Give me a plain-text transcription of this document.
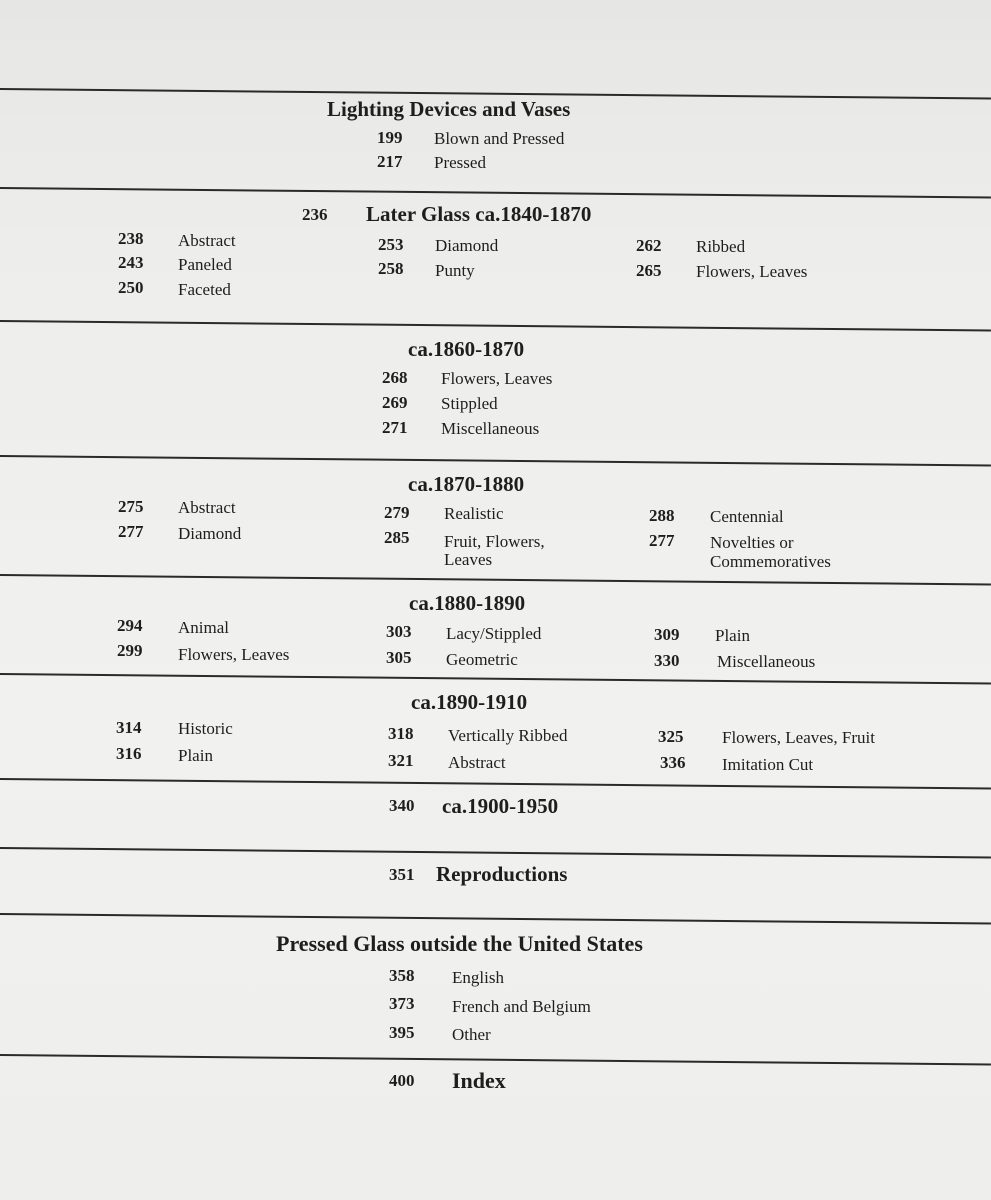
Lighting Devices and Vases
199 Blown and Pressed
217 Pressed
236 Later Glass ca.1840-1870
238 Abstract
243 Paneled
250 Faceted
253 Diamond
258 Punty
262 Ribbed
265 Flowers, Leaves
ca.1860-1870
268 Flowers, Leaves
269 Stippled
271 Miscellaneous
ca.1870-1880
275 Abstract
277 Diamond
279 Realistic
285 Fruit, Flowers,
Leaves
288 Centennial
277 Novelties or
Commemoratives
ca.1880-1890
294 Animal
299 Flowers, Leaves
303 Lacy/Stippled
305 Geometric
309 Plain
330 Miscellaneous
ca.1890-1910
314 Historic
316 Plain
318 Vertically Ribbed
321 Abstract
325 Flowers, Leaves, Fruit
336 Imitation Cut
340 ca.1900-1950
351 Reproductions
Pressed Glass outside the United States
358 English
373 French and Belgium
395 Other
400 Index
